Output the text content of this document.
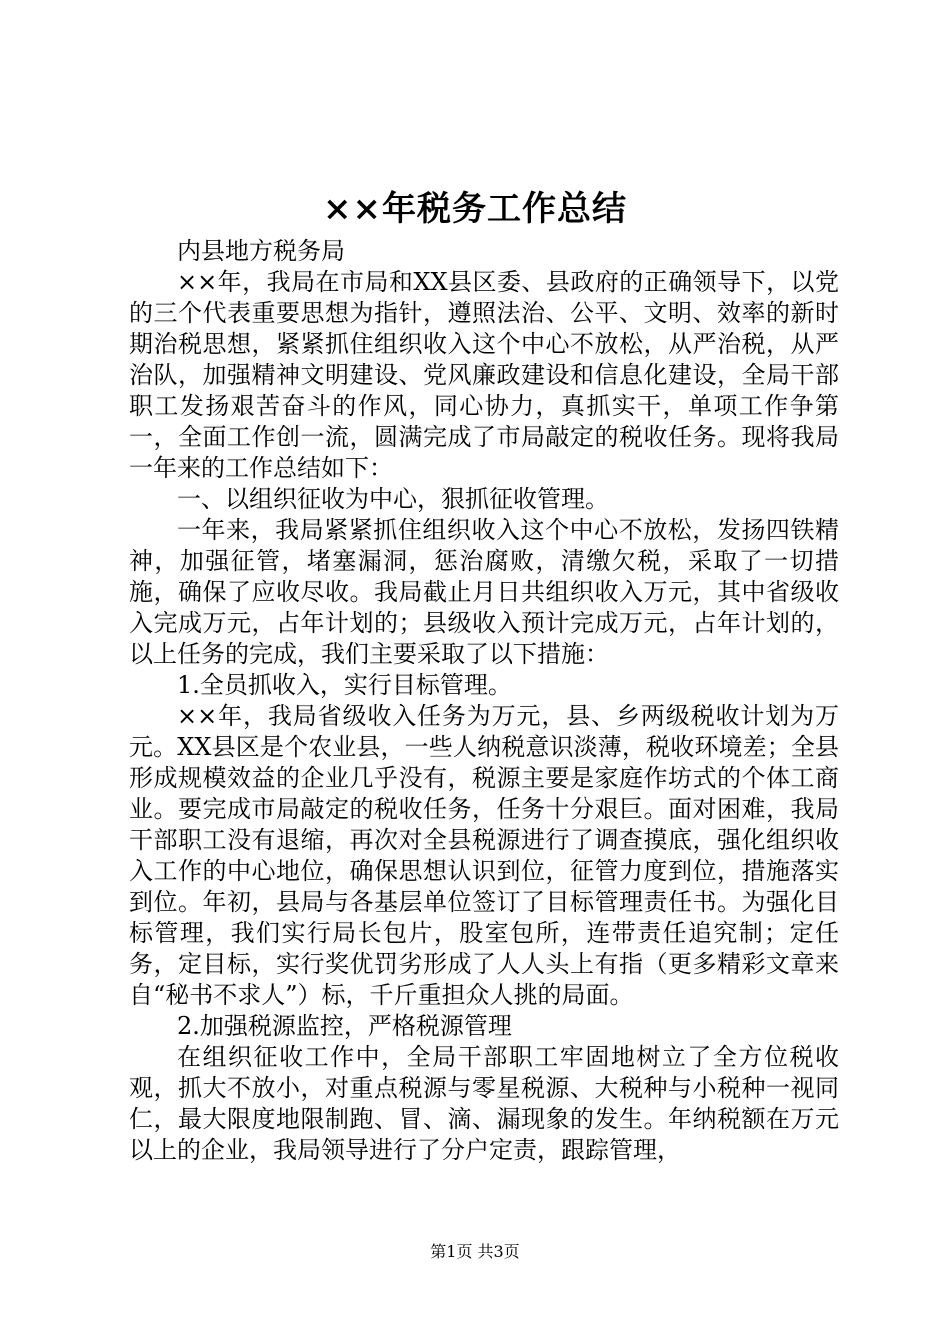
××年税务工作总结

内县地方税务局

××年，我局在市局和XX县区委、县政府的正确领导下，以党的三个代表重要思想为指针，遵照法治、公平、文明、效率的新时期治税思想，紧紧抓住组织收入这个中心不放松，从严治税，从严治队，加强精神文明建设、党风廉政建设和信息化建设，全局干部职工发扬艰苦奋斗的作风，同心协力，真抓实干，单项工作争第一，全面工作创一流，圆满完成了市局敲定的税收任务。现将我局一年来的工作总结如下：

一、以组织征收为中心，狠抓征收管理。

一年来，我局紧紧抓住组织收入这个中心不放松，发扬四铁精神，加强征管，堵塞漏洞，惩治腐败，清缴欠税，采取了一切措施，确保了应收尽收。我局截止月日共组织收入万元，其中省级收入完成万元，占年计划的；县级收入预计完成万元，占年计划的，以上任务的完成，我们主要采取了以下措施：

1.全员抓收入，实行目标管理。

××年，我局省级收入任务为万元，县、乡两级税收计划为万元。XX县区是个农业县，一些人纳税意识淡薄，税收环境差；全县形成规模效益的企业几乎没有，税源主要是家庭作坊式的个体工商业。要完成市局敲定的税收任务，任务十分艰巨。面对困难，我局干部职工没有退缩，再次对全县税源进行了调查摸底，强化组织收入工作的中心地位，确保思想认识到位，征管力度到位，措施落实到位。年初，县局与各基层单位签订了目标管理责任书。为强化目标管理，我们实行局长包片，股室包所，连带责任追究制；定任务，定目标，实行奖优罚劣形成了人人头上有指（更多精彩文章来自“秘书不求人”）标，千斤重担众人挑的局面。

2.加强税源监控，严格税源管理

在组织征收工作中，全局干部职工牢固地树立了全方位税收观，抓大不放小，对重点税源与零星税源、大税种与小税种一视同仁，最大限度地限制跑、冒、滴、漏现象的发生。年纳税额在万元以上的企业，我局领导进行了分户定责，跟踪管理，

第1页 共3页
